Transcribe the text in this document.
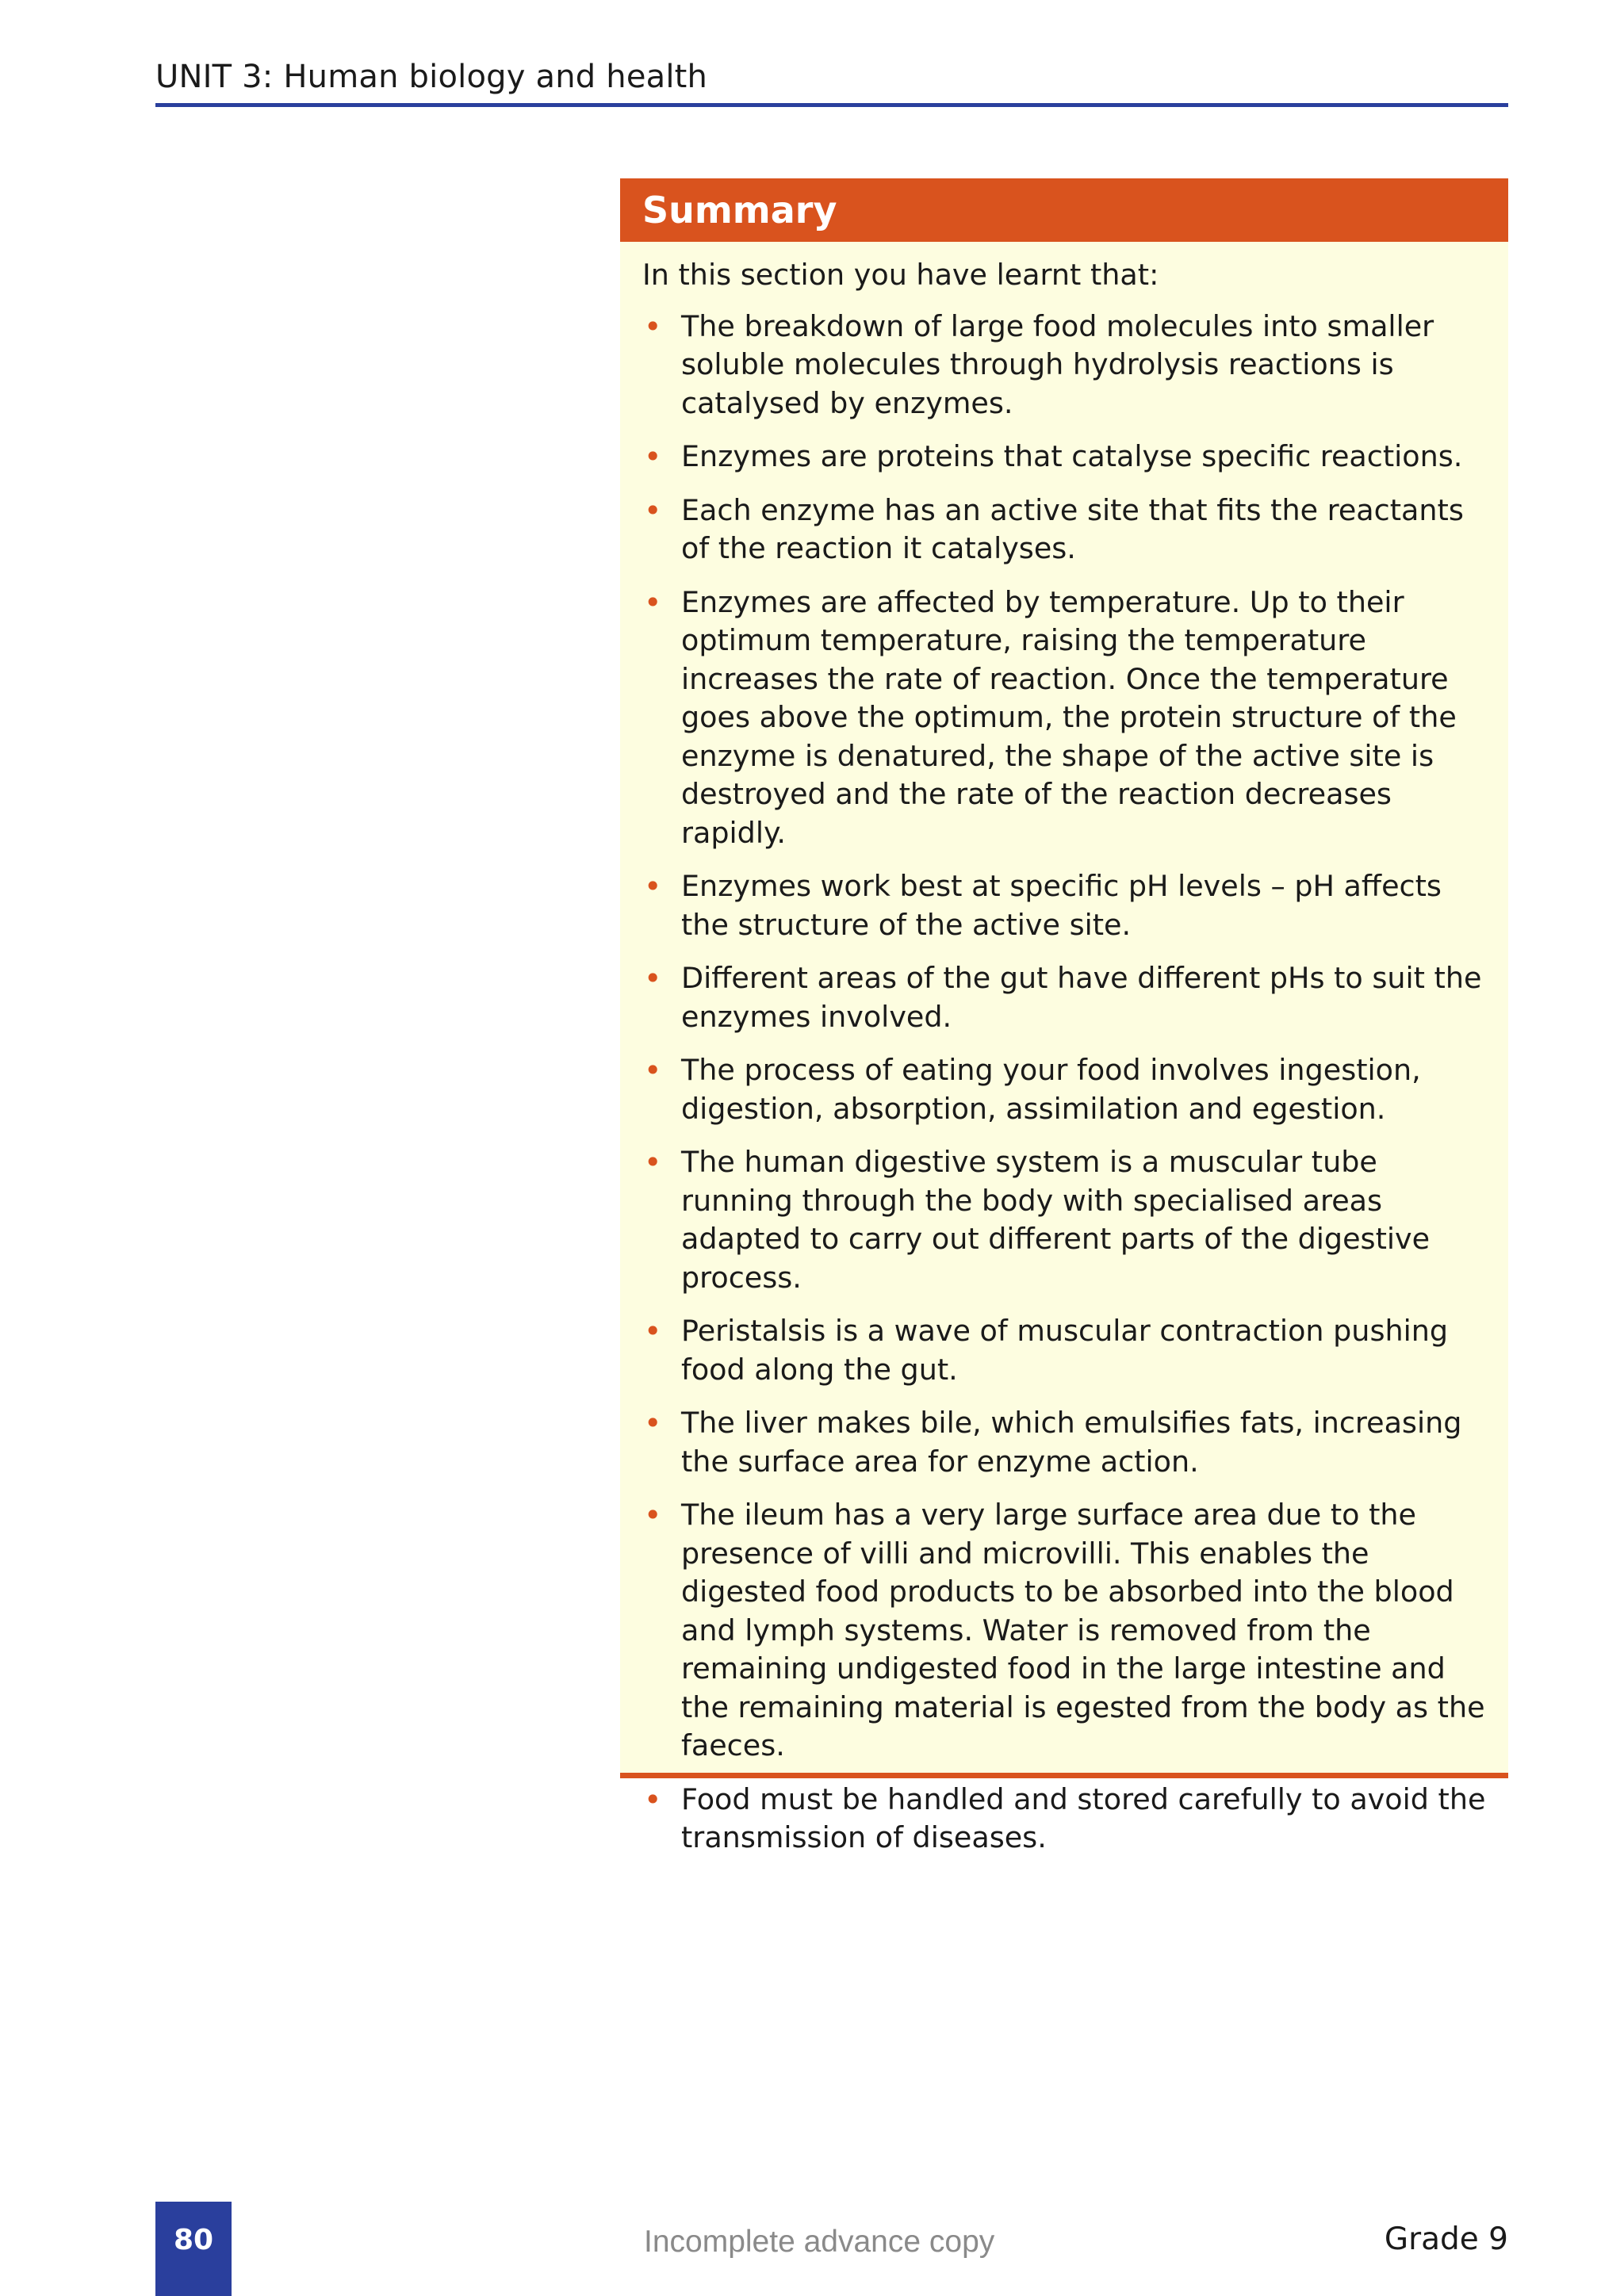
UNIT 3: Human biology and health
Summary

In this section you have learnt that:

• The breakdown of large food molecules into smaller soluble molecules through hydrolysis reactions is catalysed by enzymes.
• Enzymes are proteins that catalyse specific reactions.
• Each enzyme has an active site that fits the reactants of the reaction it catalyses.
• Enzymes are affected by temperature. Up to their optimum temperature, raising the temperature increases the rate of reaction. Once the temperature goes above the optimum, the protein structure of the enzyme is denatured, the shape of the active site is destroyed and the rate of the reaction decreases rapidly.
• Enzymes work best at specific pH levels – pH affects the structure of the active site.
• Different areas of the gut have different pHs to suit the enzymes involved.
• The process of eating your food involves ingestion, digestion, absorption, assimilation and egestion.
• The human digestive system is a muscular tube running through the body with specialised areas adapted to carry out different parts of the digestive process.
• Peristalsis is a wave of muscular contraction pushing food along the gut.
• The liver makes bile, which emulsifies fats, increasing the surface area for enzyme action.
• The ileum has a very large surface area due to the presence of villi and microvilli. This enables the digested food products to be absorbed into the blood and lymph systems. Water is removed from the remaining undigested food in the large intestine and the remaining material is egested from the body as the faeces.
• Food must be handled and stored carefully to avoid the transmission of diseases.
80	Incomplete advance copy	Grade 9
